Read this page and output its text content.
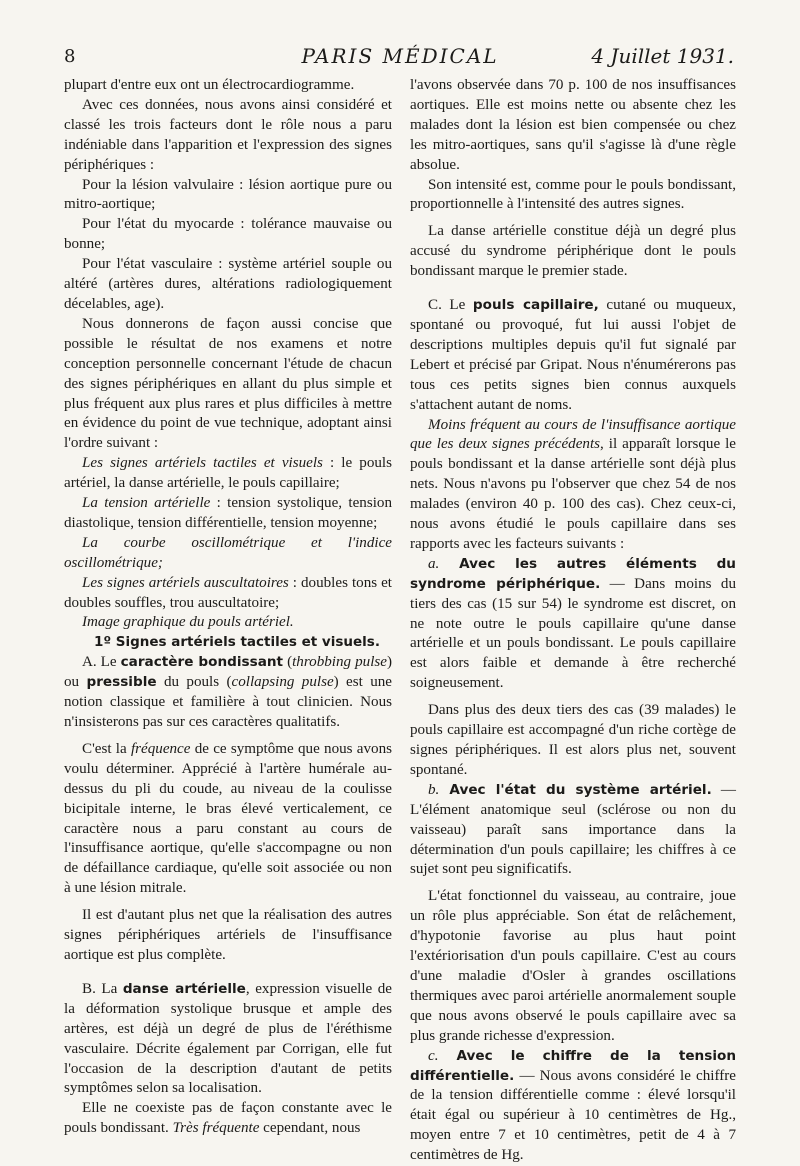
8	PARIS MÉDICAL	4 Juillet 1931.

plupart d'entre eux ont un électrocardiogramme.

Avec ces données, nous avons ainsi considéré et classé les trois facteurs dont le rôle nous a paru indéniable dans l'apparition et l'expression des signes périphériques :

Pour la lésion valvulaire : lésion aortique pure ou mitro-aortique;

Pour l'état du myocarde : tolérance mauvaise ou bonne;

Pour l'état vasculaire : système artériel souple ou altéré (artères dures, altérations radiologiquement décelables, age).

Nous donnerons de façon aussi concise que possible le résultat de nos examens et notre conception personnelle concernant l'étude de chacun des signes périphériques en allant du plus simple et plus fréquent aux plus rares et plus difficiles à mettre en évidence du point de vue technique, adoptant ainsi l'ordre suivant :

Les signes artériels tactiles et visuels : le pouls artériel, la danse artérielle, le pouls capillaire;

La tension artérielle : tension systolique, tension diastolique, tension différentielle, tension moyenne;

La courbe oscillométrique et l'indice oscillométrique;

Les signes artériels auscultatoires : doubles tons et doubles souffles, trou auscultatoire;

Image graphique du pouls artériel.

1º Signes artériels tactiles et visuels.

A. Le caractère bondissant (throbbing pulse) ou pressible du pouls (collapsing pulse) est une notion classique et familière à tout clinicien. Nous n'insisterons pas sur ces caractères qualitatifs.

C'est la fréquence de ce symptôme que nous avons voulu déterminer. Apprécié à l'artère humérale au-dessus du pli du coude, au niveau de la coulisse bicipitale interne, le bras élevé verticalement, ce caractère nous a paru constant au cours de l'insuffisance aortique, qu'elle s'accompagne ou non de défaillance cardiaque, qu'elle soit associée ou non à une lésion mitrale.

Il est d'autant plus net que la réalisation des autres signes périphériques artériels de l'insuffisance aortique est plus complète.

B. La danse artérielle, expression visuelle de la déformation systolique brusque et ample des artères, est déjà un degré de plus de l'éréthisme vasculaire. Décrite également par Corrigan, elle fut l'occasion de la description d'autant de petits symptômes selon sa localisation.

Elle ne coexiste pas de façon constante avec le pouls bondissant. Très fréquente cependant, nous

l'avons observée dans 70 p. 100 de nos insuffisances aortiques. Elle est moins nette ou absente chez les malades dont la lésion est bien compensée ou chez les mitro-aortiques, sans qu'il s'agisse là d'une règle absolue.

Son intensité est, comme pour le pouls bondissant, proportionnelle à l'intensité des autres signes.

La danse artérielle constitue déjà un degré plus accusé du syndrome périphérique dont le pouls bondissant marque le premier stade.

C. Le pouls capillaire, cutané ou muqueux, spontané ou provoqué, fut lui aussi l'objet de descriptions multiples depuis qu'il fut signalé par Lebert et précisé par Gripat. Nous n'énumérerons pas tous ces petits signes bien connus auxquels s'attachent autant de noms.

Moins fréquent au cours de l'insuffisance aortique que les deux signes précédents, il apparaît lorsque le pouls bondissant et la danse artérielle sont déjà plus nets. Nous n'avons pu l'observer que chez 54 de nos malades (environ 40 p. 100 des cas). Chez ceux-ci, nous avons étudié le pouls capillaire dans ses rapports avec les facteurs suivants :

a. Avec les autres éléments du syndrome périphérique. — Dans moins du tiers des cas (15 sur 54) le syndrome est discret, on ne note outre le pouls capillaire qu'une danse artérielle et un pouls bondissant. Le pouls capillaire est alors faible et demande à être recherché soigneusement.

Dans plus des deux tiers des cas (39 malades) le pouls capillaire est accompagné d'un riche cortège de signes périphériques. Il est alors plus net, souvent spontané.

b. Avec l'état du système artériel. — L'élément anatomique seul (sclérose ou non du vaisseau) paraît sans importance dans la détermination d'un pouls capillaire; les chiffres à ce sujet sont peu significatifs.

L'état fonctionnel du vaisseau, au contraire, joue un rôle plus appréciable. Son état de relâchement, d'hypotonie favorise au plus haut point l'extériorisation d'un pouls capillaire. C'est au cours d'une maladie d'Osler à grandes oscillations thermiques avec paroi artérielle anormalement souple que nous avons observé le pouls capillaire avec sa plus grande richesse d'expression.

c. Avec le chiffre de la tension différentielle. — Nous avons considéré le chiffre de la tension différentielle comme : élevé lorsqu'il était égal ou supérieur à 10 centimètres de Hg., moyen entre 7 et 10 centimètres, petit de 4 à 7 centimètres de Hg.
